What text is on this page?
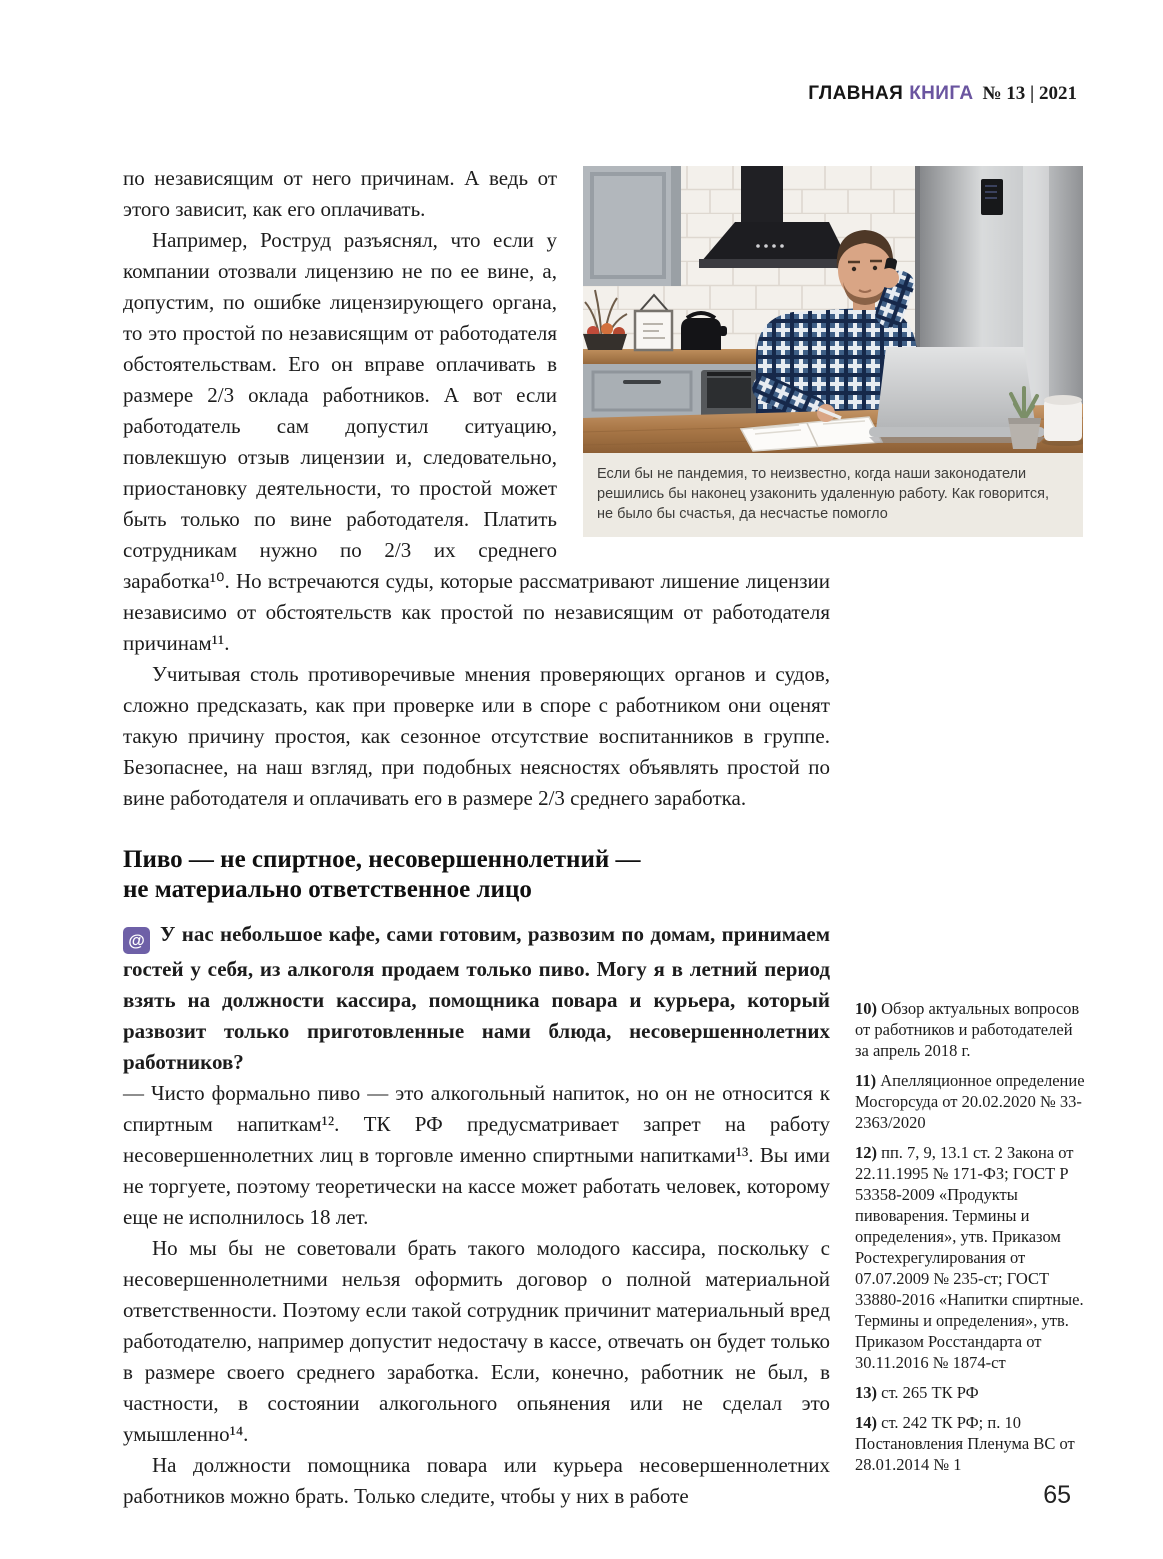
ГЛАВНАЯ КНИГА № 13 | 2021
Если бы не пандемия, то неизвестно, когда наши законодатели решились бы наконец узаконить удаленную работу. Как говорится, не было бы счастья, да несчастье помогло

по независящим от него причинам. А ведь от этого зависит, как его оплачивать.

Например, Роструд разъяснял, что если у компании отозвали лицензию не по ее вине, а, допустим, по ошибке лицензирующего органа, то это простой по независящим от работодателя обстоятельствам. Его он вправе оплачивать в размере 2/3 оклада работников. А вот если работодатель сам допустил ситуацию, повлекшую отзыв лицензии и, следовательно, приостановку деятельности, то простой может быть только по вине работодателя. Платить сотрудникам нужно по 2/3 их среднего заработка¹⁰. Но встречаются суды, которые рассматривают лишение лицензии независимо от обстоятельств как простой по независящим от работодателя причинам¹¹.

Учитывая столь противоречивые мнения проверяющих органов и судов, сложно предсказать, как при проверке или в споре с работником они оценят такую причину простоя, как сезонное отсутствие воспитанников в группе. Безопаснее, на наш взгляд, при подобных неясностях объявлять простой по вине работодателя и оплачивать его в размере 2/3 среднего заработка.

Пиво — не спиртное, несовершеннолетний —
не материально ответственное лицо
@ У нас небольшое кафе, сами готовим, развозим по домам, принимаем гостей у себя, из алкоголя продаем только пиво. Могу я в летний период взять на должности кассира, помощника повара и курьера, который развозит только приготовленные нами блюда, несовершеннолетних работников?

— Чисто формально пиво — это алкогольный напиток, но он не относится к спиртным напиткам¹². ТК РФ предусматривает запрет на работу несовершеннолетних лиц в торговле именно спиртными напитками¹³. Вы ими не торгуете, поэтому теоретически на кассе может работать человек, которому еще не исполнилось 18 лет.

Но мы бы не советовали брать такого молодого кассира, поскольку с несовершеннолетними нельзя оформить договор о полной материальной ответственности. Поэтому если такой сотрудник причинит материальный вред работодателю, например допустит недостачу в кассе, отвечать он будет только в размере своего среднего заработка. Если, конечно, работник не был, в частности, в состоянии алкогольного опьянения или не сделал это умышленно¹⁴.

На должности помощника повара или курьера несовершеннолетних работников можно брать. Только следите, чтобы у них в работе

10) Обзор актуальных вопросов от работников и работодателей за апрель 2018 г.
11) Апелляционное определение Мосгорсуда от 20.02.2020 № 33-2363/2020
12) пп. 7, 9, 13.1 ст. 2 Закона от 22.11.1995 № 171-ФЗ; ГОСТ Р 53358-2009 «Продукты пивоварения. Термины и определения», утв. Приказом Ростехрегулирования от 07.07.2009 № 235-ст; ГОСТ 33880-2016 «Напитки спиртные. Термины и определения», утв. Приказом Росстандарта от 30.11.2016 № 1874-ст
13) ст. 265 ТК РФ
14) ст. 242 ТК РФ; п. 10 Постановления Пленума ВС от 28.01.2014 № 1
65
